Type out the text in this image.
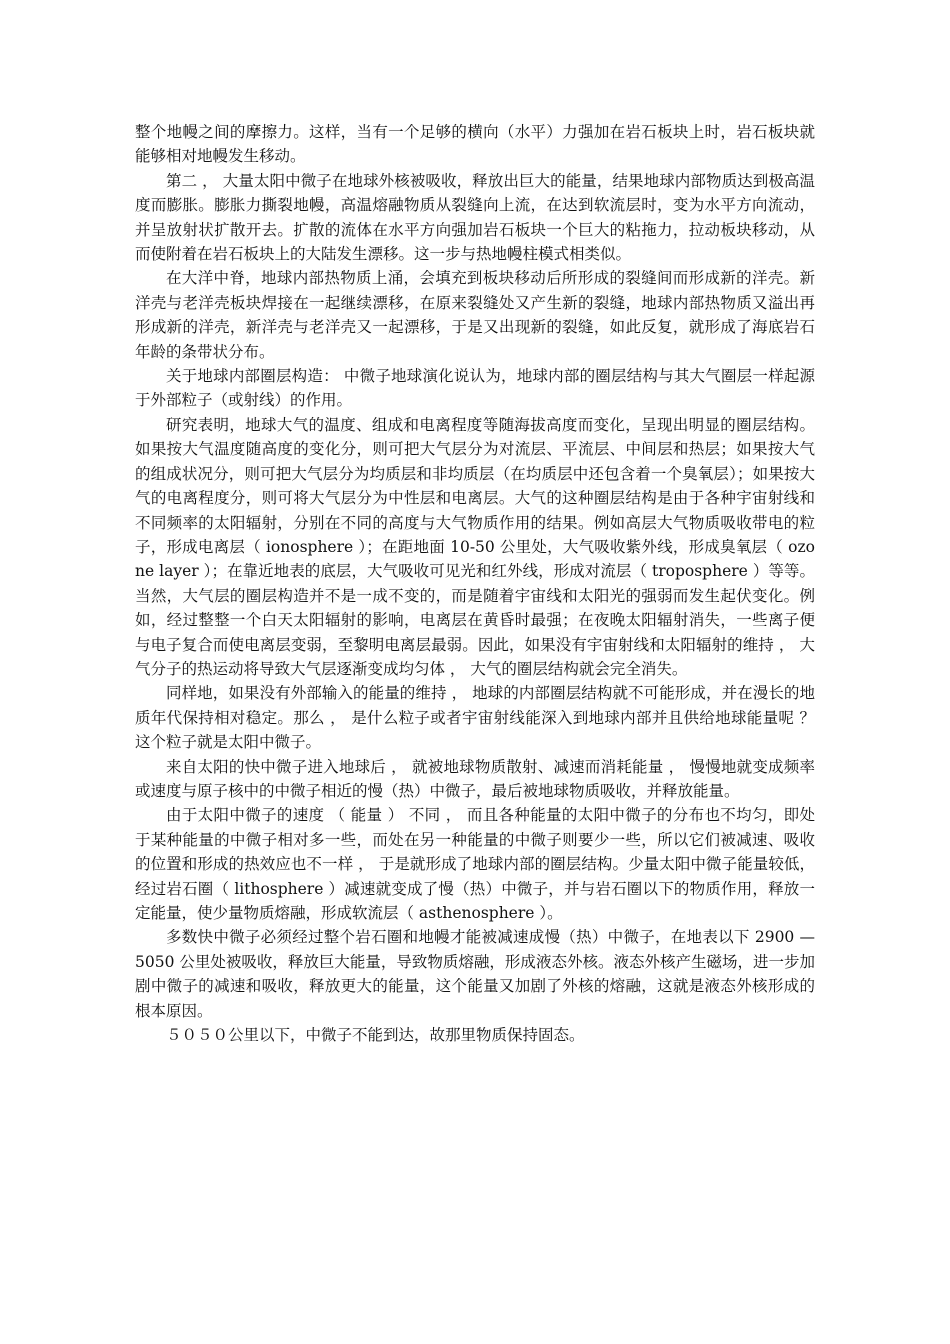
整个地幔之间的摩擦力。这样，当有一个足够的横向（水平）力强加在岩石板块上时，岩石板块就能够相对地幔发生移动。

第二 ， 大量太阳中微子在地球外核被吸收，释放出巨大的能量，结果地球内部物质达到极高温度而膨胀。膨胀力撕裂地幔，高温熔融物质从裂缝向上流，在达到软流层时，变为水平方向流动，并呈放射状扩散开去。扩散的流体在水平方向强加岩石板块一个巨大的粘拖力，拉动板块移动，从而使附着在岩石板块上的大陆发生漂移。这一步与热地幔柱模式相类似。

在大洋中脊，地球内部热物质上涌，会填充到板块移动后所形成的裂缝间而形成新的洋壳。新洋壳与老洋壳板块焊接在一起继续漂移，在原来裂缝处又产生新的裂缝，地球内部热物质又溢出再形成新的洋壳，新洋壳与老洋壳又一起漂移，于是又出现新的裂缝，如此反复，就形成了海底岩石年龄的条带状分布。

关于地球内部圈层构造： 中微子地球演化说认为，地球内部的圈层结构与其大气圈层一样起源于外部粒子（或射线）的作用。

研究表明，地球大气的温度、组成和电离程度等随海拔高度而变化，呈现出明显的圈层结构。如果按大气温度随高度的变化分，则可把大气层分为对流层、平流层、中间层和热层；如果按大气的组成状况分，则可把大气层分为均质层和非均质层（在均质层中还包含着一个臭氧层）；如果按大气的电离程度分，则可将大气层分为中性层和电离层。大气的这种圈层结构是由于各种宇宙射线和不同频率的太阳辐射，分别在不同的高度与大气物质作用的结果。例如高层大气物质吸收带电的粒子，形成电离层（ ionosphere ）；在距地面 10-50 公里处，大气吸收紫外线，形成臭氧层（ ozone layer ）；在靠近地表的底层，大气吸收可见光和红外线，形成对流层（ troposphere ）等等。当然，大气层的圈层构造并不是一成不变的，而是随着宇宙线和太阳光的强弱而发生起伏变化。例如，经过整整一个白天太阳辐射的影响，电离层在黄昏时最强；在夜晚太阳辐射消失，一些离子便与电子复合而使电离层变弱，至黎明电离层最弱。因此，如果没有宇宙射线和太阳辐射的维持 ， 大气分子的热运动将导致大气层逐渐变成均匀体 ， 大气的圈层结构就会完全消失。

同样地，如果没有外部输入的能量的维持 ， 地球的内部圈层结构就不可能形成，并在漫长的地质年代保持相对稳定。那么 ， 是什么粒子或者宇宙射线能深入到地球内部并且供给地球能量呢 ？ 这个粒子就是太阳中微子。

来自太阳的快中微子进入地球后 ， 就被地球物质散射、减速而消耗能量 ， 慢慢地就变成频率或速度与原子核中的中微子相近的慢（热）中微子，最后被地球物质吸收，并释放能量。

由于太阳中微子的速度 （ 能量 ） 不同 ， 而且各种能量的太阳中微子的分布也不均匀，即处于某种能量的中微子相对多一些，而处在另一种能量的中微子则要少一些，所以它们被减速、吸收的位置和形成的热效应也不一样 ， 于是就形成了地球内部的圈层结构。少量太阳中微子能量较低，经过岩石圈（ lithosphere ）减速就变成了慢（热）中微子，并与岩石圈以下的物质作用，释放一定能量，使少量物质熔融，形成软流层（ asthenosphere ）。

多数快中微子必须经过整个岩石圈和地幔才能被减速成慢（热）中微子，在地表以下 2900 — 5050 公里处被吸收，释放巨大能量，导致物质熔融，形成液态外核。液态外核产生磁场，进一步加剧中微子的减速和吸收，释放更大的能量，这个能量又加剧了外核的熔融，这就是液态外核形成的根本原因。

５０５０公里以下，中微子不能到达，故那里物质保持固态。
